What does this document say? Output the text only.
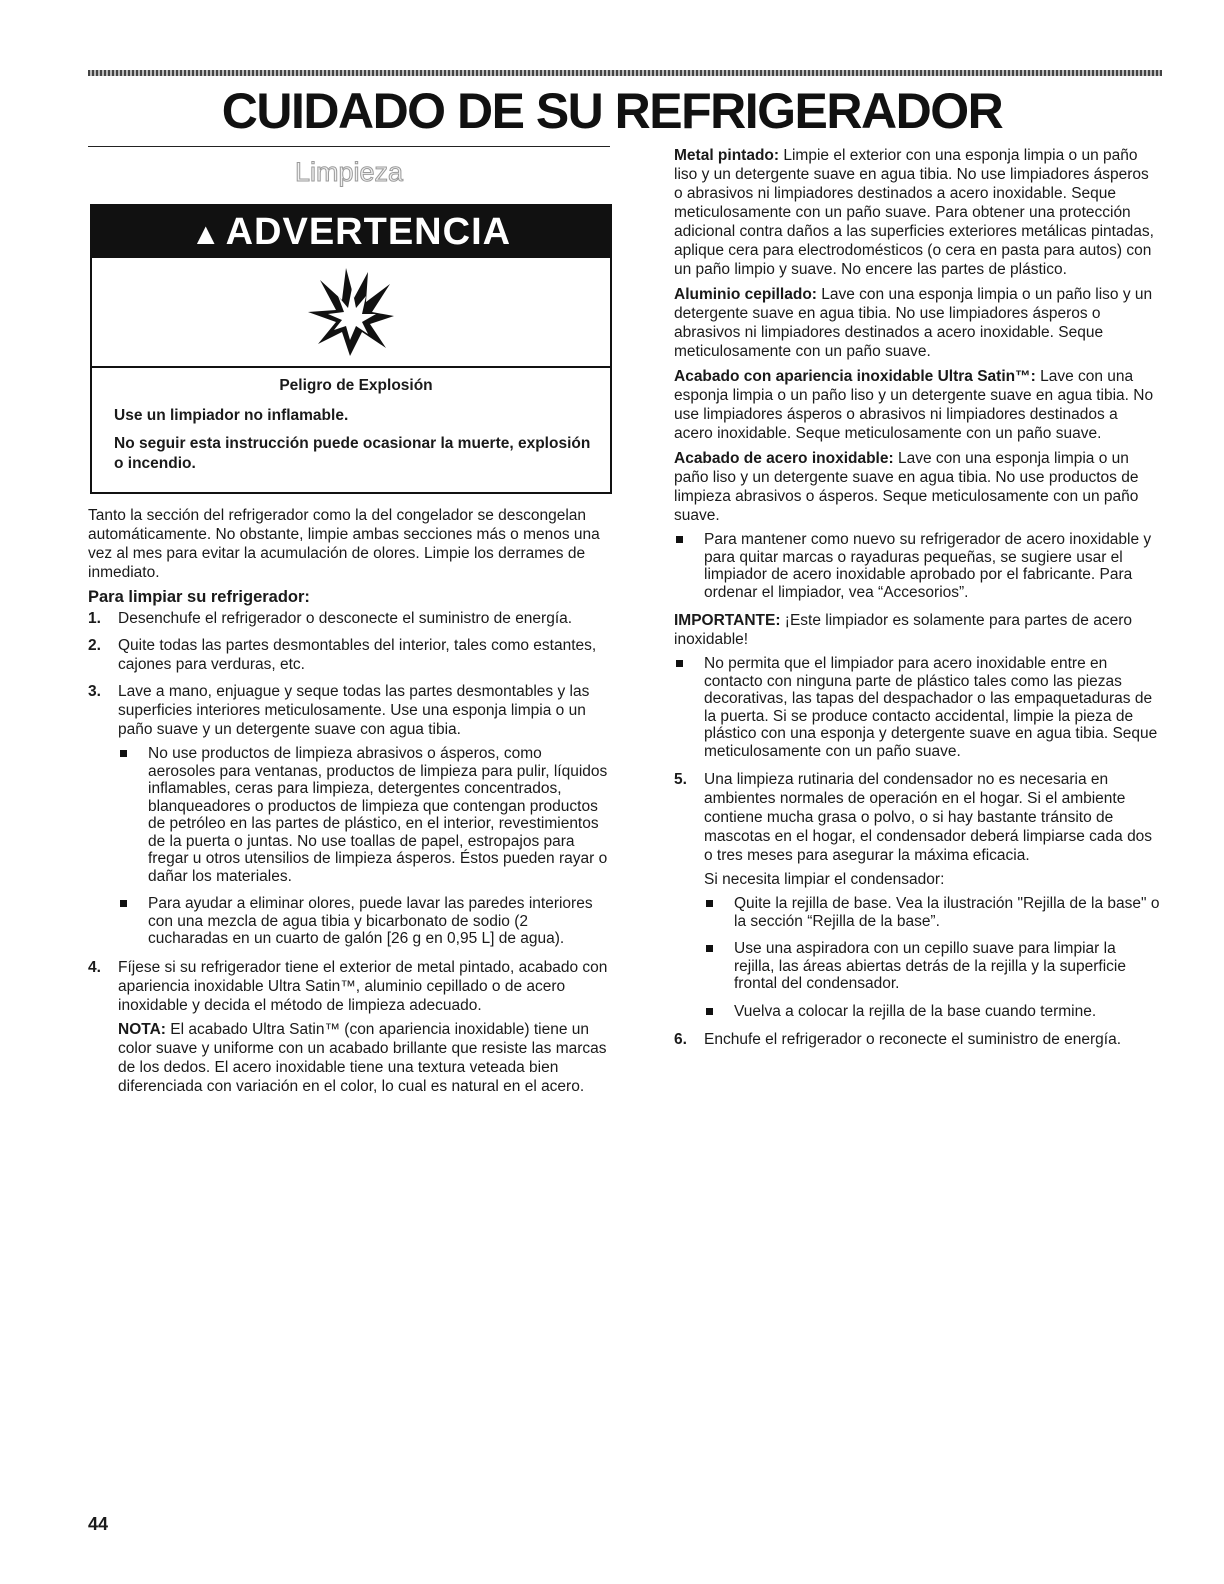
CUIDADO DE SU REFRIGERADOR
Limpieza
▲ ADVERTENCIA

Peligro de Explosión

Use un limpiador no inflamable.

No seguir esta instrucción puede ocasionar la muerte, explosión o incendio.

Tanto la sección del refrigerador como la del congelador se descongelan automáticamente. No obstante, limpie ambas secciones más o menos una vez al mes para evitar la acumulación de olores. Limpie los derrames de inmediato.

Para limpiar su refrigerador:
1. Desenchufe el refrigerador o desconecte el suministro de energía.

2. Quite todas las partes desmontables del interior, tales como estantes, cajones para verduras, etc.

3. Lave a mano, enjuague y seque todas las partes desmontables y las superficies interiores meticulosamente. Use una esponja limpia o un paño suave y un detergente suave con agua tibia.

No use productos de limpieza abrasivos o ásperos, como aerosoles para ventanas, productos de limpieza para pulir, líquidos inflamables, ceras para limpieza, detergentes concentrados, blanqueadores o productos de limpieza que contengan productos de petróleo en las partes de plástico, en el interior, revestimientos de la puerta o juntas. No use toallas de papel, estropajos para fregar u otros utensilios de limpieza ásperos. Éstos pueden rayar o dañar los materiales.
Para ayudar a eliminar olores, puede lavar las paredes interiores con una mezcla de agua tibia y bicarbonato de sodio (2 cucharadas en un cuarto de galón [26 g en 0,95 L] de agua).
4. Fíjese si su refrigerador tiene el exterior de metal pintado, acabado con apariencia inoxidable Ultra Satin™, aluminio cepillado o de acero inoxidable y decida el método de limpieza adecuado.

NOTA: El acabado Ultra Satin™ (con apariencia inoxidable) tiene un color suave y uniforme con un acabado brillante que resiste las marcas de los dedos. El acero inoxidable tiene una textura veteada bien diferenciada con variación en el color, lo cual es natural en el acero.

Metal pintado: Limpie el exterior con una esponja limpia o un paño liso y un detergente suave en agua tibia. No use limpiadores ásperos o abrasivos ni limpiadores destinados a acero inoxidable. Seque meticulosamente con un paño suave. Para obtener una protección adicional contra daños a las superficies exteriores metálicas pintadas, aplique cera para electrodomésticos (o cera en pasta para autos) con un paño limpio y suave. No encere las partes de plástico.

Aluminio cepillado: Lave con una esponja limpia o un paño liso y un detergente suave en agua tibia. No use limpiadores ásperos o abrasivos ni limpiadores destinados a acero inoxidable. Seque meticulosamente con un paño suave.

Acabado con apariencia inoxidable Ultra Satin™: Lave con una esponja limpia o un paño liso y un detergente suave en agua tibia. No use limpiadores ásperos o abrasivos ni limpiadores destinados a acero inoxidable. Seque meticulosamente con un paño suave.

Acabado de acero inoxidable: Lave con una esponja limpia o un paño liso y un detergente suave en agua tibia. No use productos de limpieza abrasivos o ásperos. Seque meticulosamente con un paño suave.

Para mantener como nuevo su refrigerador de acero inoxidable y para quitar marcas o rayaduras pequeñas, se sugiere usar el limpiador de acero inoxidable aprobado por el fabricante. Para ordenar el limpiador, vea “Accesorios”.

IMPORTANTE: ¡Este limpiador es solamente para partes de acero inoxidable!

No permita que el limpiador para acero inoxidable entre en contacto con ninguna parte de plástico tales como las piezas decorativas, las tapas del despachador o las empaquetaduras de la puerta. Si se produce contacto accidental, limpie la pieza de plástico con una esponja y detergente suave en agua tibia. Seque meticulosamente con un paño suave.
5. Una limpieza rutinaria del condensador no es necesaria en ambientes normales de operación en el hogar. Si el ambiente contiene mucha grasa o polvo, o si hay bastante tránsito de mascotas en el hogar, el condensador deberá limpiarse cada dos o tres meses para asegurar la máxima eficacia.

Si necesita limpiar el condensador:

Quite la rejilla de base. Vea la ilustración "Rejilla de la base" o la sección “Rejilla de la base”.
Use una aspiradora con un cepillo suave para limpiar la rejilla, las áreas abiertas detrás de la rejilla y la superficie frontal del condensador.
Vuelva a colocar la rejilla de la base cuando termine.
6. Enchufe el refrigerador o reconecte el suministro de energía.

44
